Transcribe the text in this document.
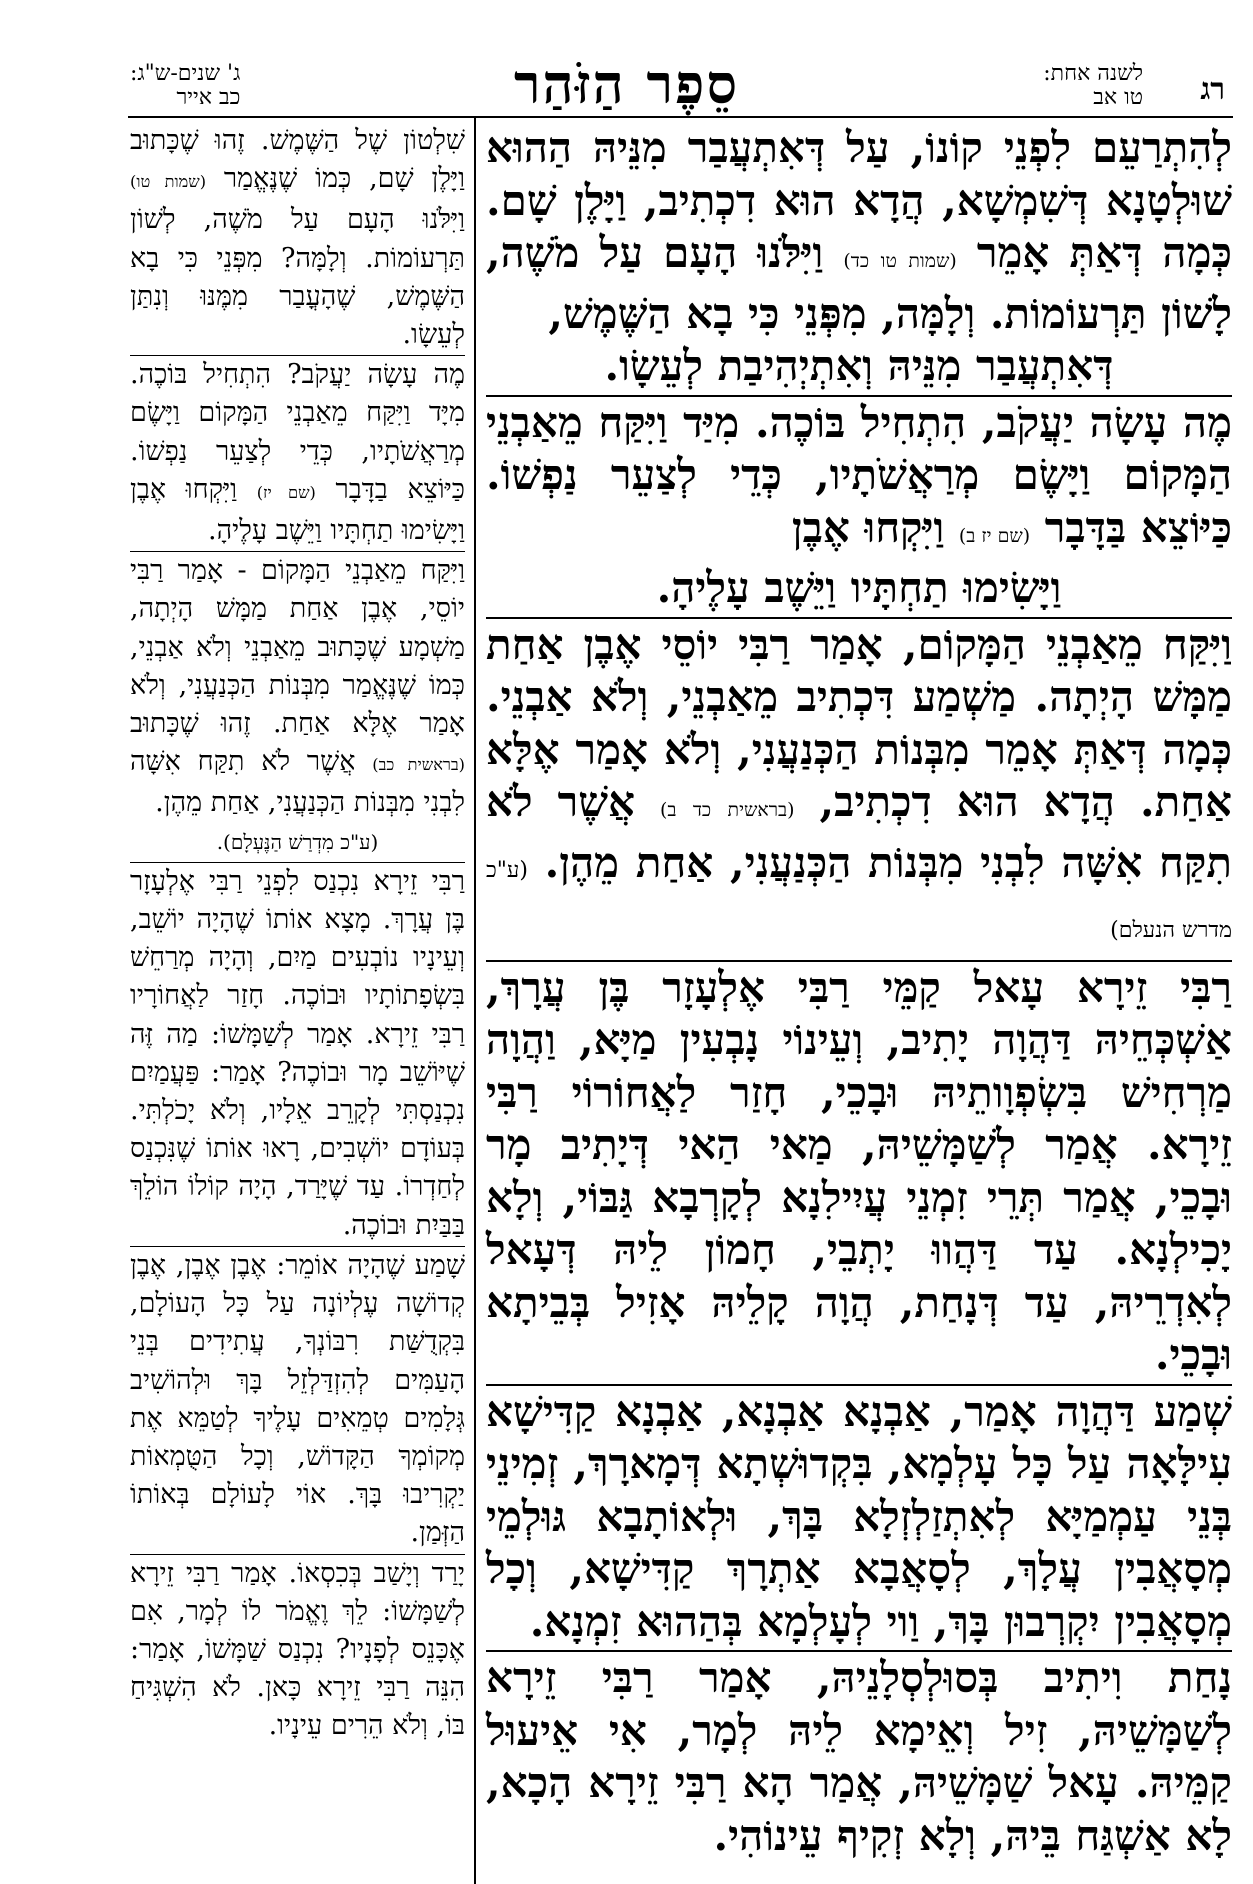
רג
לשנה אחת:
טו אב
סֵפֶר הַזֹּהַר
ג' שנים-ש"ג:
כב אייר

לְהִתְרַעֵם לִפְנֵי קוֹנוֹ, עַל דְּאִתְעֲבַר מִנֵּיהּ הַהוּא שׁוּלְטָנָא דְּשִׁמְשָׁא, הֲדָא הוּא דִכְתִיב, וַיָּלֶן שָׁם. כְּמָה דְּאַתְּ אָמֵר (שמות טו כד) וַיִּלֹּנוּ הָעָם עַל מֹשֶׁה, לָשׁוֹן תַּרְעוֹמוֹת. וְלָמָּה, מִפְּנֵי כִּי בָא הַשֶּׁמֶשׁ,
דְּאִתְעֲבַר מִנֵּיהּ וְאִתְיְהִיבַת לְעֵשָׂו.

מֶה עָשָׂה יַעֲקֹב, הִתְחִיל בּוֹכֶה. מִיַּד וַיִּקַּח מֵאַבְנֵי הַמָּקוֹם וַיָּשֶׂם מְרַאֲשֹׁתָיו, כְּדֵי לְצַעֵר נַפְשׁוֹ. כַּיּוֹצֵא בַּדָּבָר (שם יז ב) וַיִּקְחוּ אֶבֶן
וַיָּשִׂימוּ תַחְתָּיו וַיֵּשֶׁב עָלֶיהָ.

וַיִּקַּח מֵאַבְנֵי הַמָּקוֹם, אָמַר רַבִּי יוֹסֵי אֶבֶן אַחַת מַמָּשׁ הָיְתָה. מַשְׁמַע דִּכְתִיב מֵאַבְנֵי, וְלֹא אַבְנֵי. כְּמָה דְּאַתְּ אָמֵר מִבְּנוֹת הַכְּנַעֲנִי, וְלֹא אָמַר אֶלָּא אַחַת. הֲדָא הוּא דִכְתִיב, (בראשית כד ב) אֲשֶׁר לֹא תִקַּח אִשָּׁה לִבְנִי מִבְּנוֹת הַכְּנַעֲנִי, אַחַת מֵהֶן. (ע"כ מדרש הנעלם)

רַבִּי זֵירָא עָאל קַמֵּי רַבִּי אֶלְעָזָר בֶּן עֲרָךְ, אַשְׁכְּחֵיהּ דַּהֲוָה יָתִיב, וְעֵינוֹי נָבְעִין מַיָּא, וַהֲוָה מַרְחִישׁ בִּשְׂפְוָותֵיהּ וּבָכֵי, חָזַר לַאֲחוֹרוֹי רַבִּי זֵירָא. אֲמַר לְשַׁמָּשֵׁיהּ, מַאי הַאי דְּיָתִיב מָר וּבָכֵי, אֲמַר תְּרֵי זִמְנֵי עֲיִילִנָא לְקָרְבָא גַּבּוֹי, וְלָא יָכִילְנָא. עַד דַּהֲווּ יָתְבֵי, חָמוֹן לֵיהּ דְּעָאל לְאִדְרֵיהּ, עַד דְּנָחַת, הֲוָה קָלֵיהּ אָזִיל בְּבֵיתָא וּבָכֵי.

שְׁמַע דַּהֲוָה אָמַר, אַבְנָא אַבְנָא, אַבְנָא קַדִּישָׁא עִילָּאָה עַל כָּל עָלְמָא, בִּקְדוּשְׁתָא דְּמָארָךְ, זְמִינֵי בְּנֵי עַמְמַיָּא לְאִתְזַלְזְלָא בָּךְ, וּלְאוֹתָבָא גּוּלְמֵי מְסָאֲבִין עֲלָךְ, לְסָאֲבָא אַתְרָךְ קַדִּישָׁא, וְכָל מְסָאֲבִין יִקְרְבוּן בָּךְ, וַוי לְעָלְמָא בְּהַהוּא זִמְנָא.

נָחַת וִיתִיב בְּסוּלְסְלָנֵיהּ, אָמַר רַבִּי זֵירָא לְשַׁמָּשֵׁיהּ, זִיל וְאֵימָא לֵיהּ לְמָר, אִי אֵיעוּל קַמֵּיהּ. עָאל שַׁמָּשֵׁיהּ, אֲמַר הָא רַבִּי זֵירָא הָכָא, לָא אַשְׁגַּח בֵּיהּ, וְלָא זְקִיף עֵינוֹהִי.

שִׁלְטוֹן שֶׁל הַשֶּׁמֶשׁ. זֶהוּ שֶׁכָּתוּב וַיָּלֶן שָׁם, כְּמוֹ שֶׁנֶּאֱמַר (שמות טו) וַיִּלֹּנוּ הָעָם עַל מֹשֶׁה, לְשׁוֹן תַּרְעוֹמוֹת. וְלָמָּה? מִפְּנֵי כִּי בָא הַשֶּׁמֶשׁ, שֶׁהָעֳבַר מִמֶּנּוּ וְנִתַּן לְעֵשָׂו.

מֶה עָשָׂה יַעֲקֹב? הִתְחִיל בּוֹכֶה. מִיָּד וַיִּקַּח מֵאַבְנֵי הַמָּקוֹם וַיָּשֶׂם מְרַאֲשֹׁתָיו, כְּדֵי לְצַעֵר נַפְשׁוֹ. כַּיּוֹצֵא בַדָּבָר (שם יז) וַיִּקְחוּ אֶבֶן וַיָּשִׂימוּ תַחְתָּיו וַיֵּשֶׁב עָלֶיהָ.

וַיִּקַּח מֵאַבְנֵי הַמָּקוֹם - אָמַר רַבִּי יוֹסֵי, אֶבֶן אַחַת מַמָּשׁ הָיְתָה, מַשְׁמָע שֶׁכָּתוּב מֵאַבְנֵי וְלֹא אַבְנֵי, כְּמוֹ שֶׁנֶּאֱמַר מִבְּנוֹת הַכְּנַעֲנִי, וְלֹא אָמַר אֶלָּא אַחַת. זֶהוּ שֶׁכָּתוּב (בראשית כב) אֲשֶׁר לֹא תִקַּח אִשָּׁה לִבְנִי מִבְּנוֹת הַכְּנַעֲנִי, אַחַת מֵהֶן.
(ע"כ מִדְרַשׁ הַנֶּעְלָם).

רַבִּי זֵירָא נִכְנַס לִפְנֵי רַבִּי אֶלְעָזָר בֶּן עֲרָךְ. מָצָא אוֹתוֹ שֶׁהָיָה יוֹשֵׁב, וְעֵינָיו נוֹבְעִים מַיִם, וְהָיָה מְרַחֵשׁ בִּשְׂפָתוֹתָיו וּבוֹכֶה. חָזַר לַאֲחוֹרָיו רַבִּי זֵירָא. אָמַר לְשַׁמָּשׁוֹ: מַה זֶּה שֶׁיּוֹשֵׁב מָר וּבוֹכֶה? אָמַר: פַּעֲמַיִם נִכְנַסְתִּי לְקָרֵב אֵלָיו, וְלֹא יָכֹלְתִּי. בְּעוֹדָם יוֹשְׁבִים, רָאוּ אוֹתוֹ שֶׁנִּכְנַס לְחַדְרוֹ. עַד שֶׁיָּרַד, הָיָה קוֹלוֹ הוֹלֵךְ בַּבַּיִת וּבוֹכֶה.

שָׁמַע שֶׁהָיָה אוֹמֵר: אֶבֶן אֶבֶן, אֶבֶן קְדוֹשָׁה עֶלְיוֹנָה עַל כָּל הָעוֹלָם, בִּקְדֻשַּׁת רִבּוֹנְךָ, עֲתִידִים בְּנֵי הָעַמִּים לְהִזְדַּלְזֵל בָּךְ וּלְהוֹשִׁיב גְּלָמִים טְמֵאִים עָלֶיךָ לְטַמֵּא אֶת מְקוֹמְךָ הַקָּדוֹשׁ, וְכָל הַטֻּמְאוֹת יַקְרִיבוּ בָּךְ. אוֹי לָעוֹלָם בְּאוֹתוֹ הַזְּמַן.

יָרַד וְיָשַׁב בְּכִסְאוֹ. אָמַר רַבִּי זֵירָא לְשַׁמָּשׁוֹ: לֵךְ וֶאֱמֹר לוֹ לְמָר, אִם אֶכָּנֵס לְפָנָיו? נִכְנַס שַׁמָּשׁוֹ, אָמַר: הִנֵּה רַבִּי זֵירָא כָּאן. לֹא הִשְׁגִּיחַ בּוֹ, וְלֹא הֵרִים עֵינָיו.
